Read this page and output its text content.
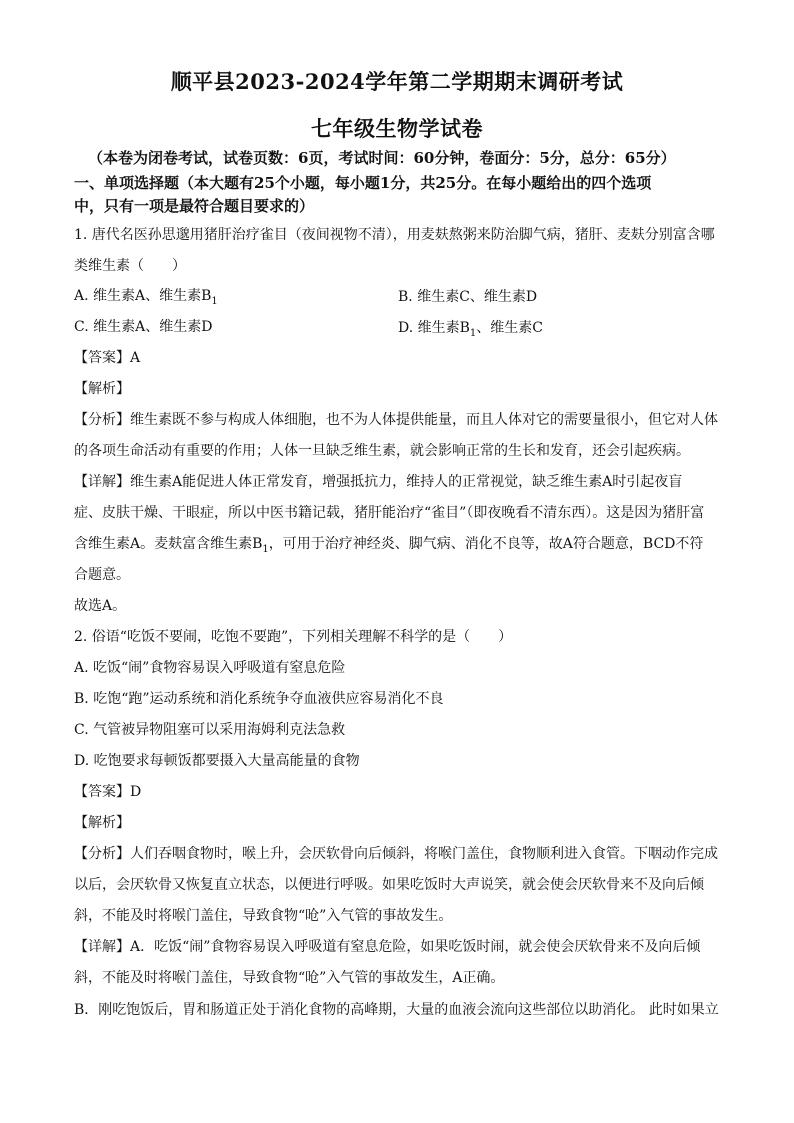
顺平县2023-2024学年第二学期期末调研考试
七年级生物学试卷
（本卷为闭卷考试，试卷页数：6页，考试时间：60分钟，卷面分：5分，总分：65分）
一、单项选择题（本大题有25个小题，每小题1分，共25分。在每小题给出的四个选项
中，只有一项是最符合题目要求的）
1. 唐代名医孙思邈用猪肝治疗雀目（夜间视物不清），用麦麸熬粥来防治脚气病，猪肝、麦麸分别富含哪
类维生素（　　）
A. 维生素A、维生素$B_1$	B. 维生素C、维生素D
C. 维生素A、维生素D	D. 维生素$B_1$、维生素C
【答案】A
【解析】
【分析】维生素既不参与构成人体细胞，也不为人体提供能量，而且人体对它的需要量很小，但它对人体
的各项生命活动有重要的作用；人体一旦缺乏维生素，就会影响正常的生长和发育，还会引起疾病。
【详解】维生素A能促进人体正常发育，增强抵抗力，维持人的正常视觉，缺乏维生素A时引起夜盲
症、皮肤干燥、干眼症，所以中医书籍记载，猪肝能治疗“雀目”（即夜晚看不清东西）。这是因为猪肝富
含维生素A。麦麸富含维生素$B_1$，可用于治疗神经炎、脚气病、消化不良等，故A符合题意，BCD不符
合题意。
故选A。
2. 俗语“吃饭不要闹，吃饱不要跑”，下列相关理解不科学的是（　　）
A. 吃饭“闹”食物容易误入呼吸道有窒息危险
B. 吃饱“跑”运动系统和消化系统争夺血液供应容易消化不良
C. 气管被异物阻塞可以采用海姆利克法急救
D. 吃饱要求每顿饭都要摄入大量高能量的食物
【答案】D
【解析】
【分析】人们吞咽食物时，喉上升，会厌软骨向后倾斜，将喉门盖住，食物顺利进入食管。下咽动作完成
以后，会厌软骨又恢复直立状态，以便进行呼吸。如果吃饭时大声说笑，就会使会厌软骨来不及向后倾
斜，不能及时将喉门盖住，导致食物“呛”入气管的事故发生。
【详解】A．吃饭“闹”食物容易误入呼吸道有窒息危险，如果吃饭时闹，就会使会厌软骨来不及向后倾
斜，不能及时将喉门盖住，导致食物“呛”入气管的事故发生，A正确。
B．刚吃饱饭后，胃和肠道正处于消化食物的高峰期，大量的血液会流向这些部位以助消化。 此时如果立
